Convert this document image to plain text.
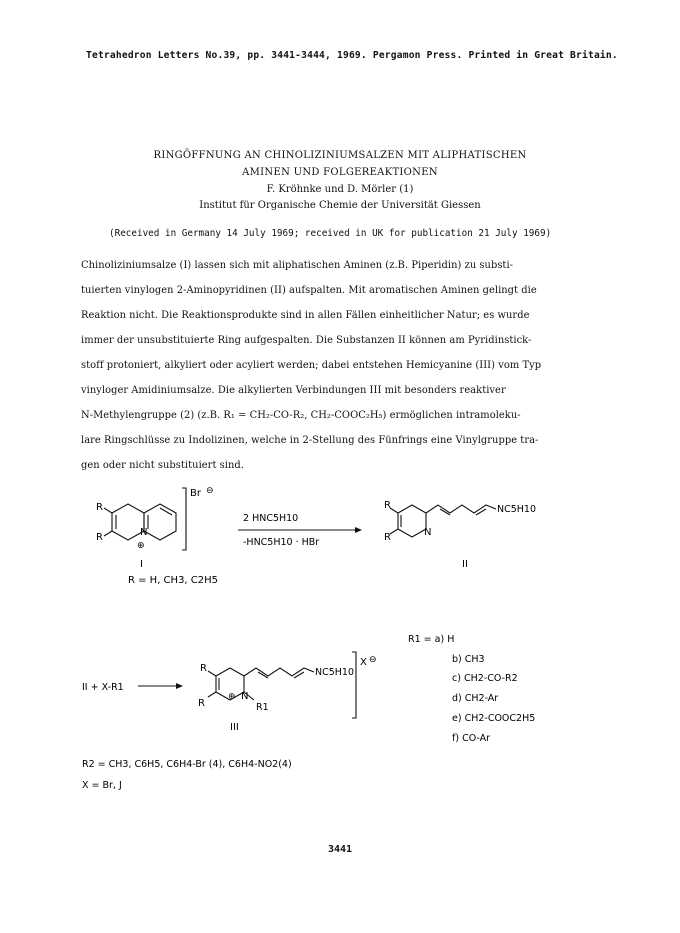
Tetrahedron Letters No.39, pp. 3441-3444, 1969. Pergamon Press. Printed in Great Britain.
RINGÖFFNUNG AN CHINOLIZINIUMSALZEN MIT ALIPHATISCHEN
AMINEN UND FOLGEREAKTIONEN
F. Kröhnke und D. Mörler (1)
Institut für Organische Chemie der Universität Giessen
(Received in Germany 14 July 1969; received in UK for publication 21 July 1969)
Chinoliziniumsalze (I) lassen sich mit aliphatischen Aminen (z.B. Piperidin) zu substi-
tuierten vinylogen 2-Aminopyridinen (II) aufspalten. Mit aromatischen Aminen gelingt die
Reaktion nicht. Die Reaktionsprodukte sind in allen Fällen einheitlicher Natur; es wurde
immer der unsubstituierte Ring aufgespalten. Die Substanzen II können am Pyridinstick-
stoff protoniert, alkyliert oder acyliert werden; dabei entstehen Hemicyanine (III) vom Typ
vinyloger Amidiniumsalze. Die alkylierten Verbindungen III mit besonders reaktiver
N-Methylengruppe (2) (z.B. R₁ = CH₂-CO-R₂, CH₂-COOC₂H₅) ermöglichen intramoleku-
lare Ringschlüsse zu Indolizinen, welche in 2-Stellung des Fünfrings eine Vinylgruppe tra-
gen oder nicht substituiert sind.
R
R	N
⊕
Br ⊖
I
R = H, CH3, C2H5
2 HNC5H10
-HNC5H10 · HBr
R
R	N
NC5H10
II
R1 = a) H
b) CH3
c) CH2-CO-R2
d) CH2-Ar
e) CH2-COOC2H5
f) CO-Ar
II + X-R1
R
R
N
⊕
R1
NC5H10
X ⊖
III
R2 = CH3, C6H5, C6H4-Br (4), C6H4-NO2(4)
X = Br, J
3441
